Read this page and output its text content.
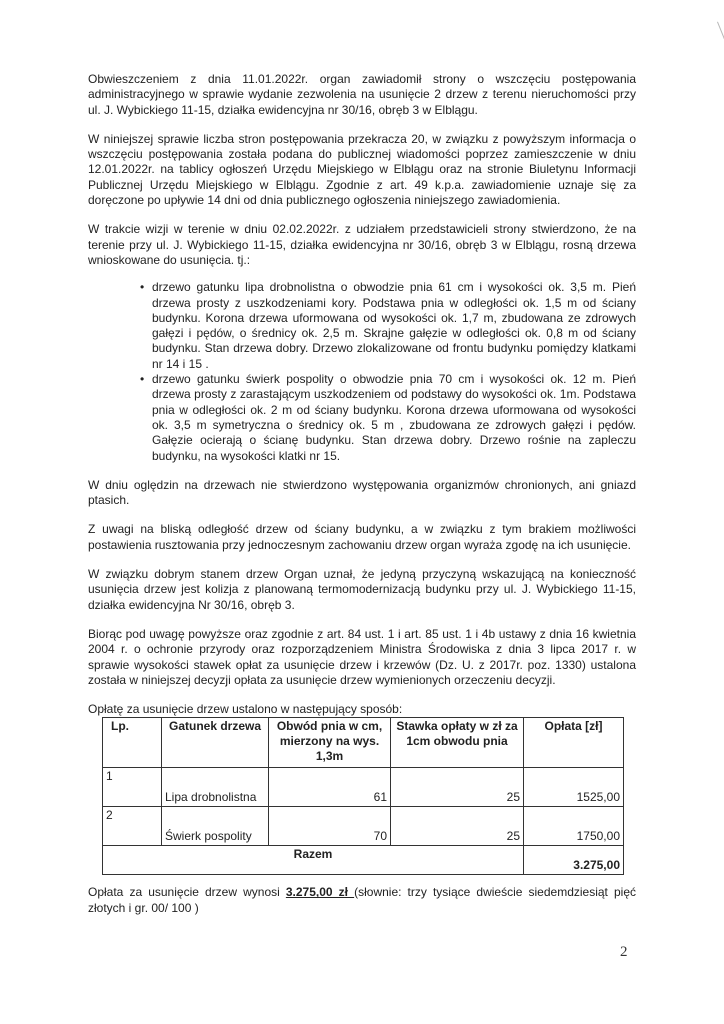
Obwieszczeniem z dnia 11.01.2022r. organ zawiadomił strony o wszczęciu postępowania administracyjnego w sprawie wydanie zezwolenia na usunięcie 2 drzew z terenu nieruchomości przy ul. J. Wybickiego 11-15, działka ewidencyjna nr 30/16, obręb 3 w Elblągu.

W niniejszej sprawie liczba stron postępowania przekracza 20, w związku z powyższym informacja o wszczęciu postępowania została podana do publicznej wiadomości poprzez zamieszczenie w dniu 12.01.2022r. na tablicy ogłoszeń Urzędu Miejskiego w Elblągu oraz na stronie Biuletynu Informacji Publicznej Urzędu Miejskiego w Elblągu. Zgodnie z art. 49 k.p.a. zawiadomienie uznaje się za doręczone po upływie 14 dni od dnia publicznego ogłoszenia niniejszego zawiadomienia.

W trakcie wizji w terenie w dniu 02.02.2022r. z udziałem przedstawicieli strony stwierdzono, że na terenie przy ul. J. Wybickiego 11-15, działka ewidencyjna nr 30/16, obręb 3 w Elblągu, rosną drzewa wnioskowane do usunięcia. tj.:

• drzewo gatunku lipa drobnolistna o obwodzie pnia 61 cm i wysokości ok. 3,5 m. Pień drzewa prosty z uszkodzeniami kory. Podstawa pnia w odległości ok. 1,5 m od ściany budynku. Korona drzewa uformowana od wysokości ok. 1,7 m, zbudowana ze zdrowych gałęzi i pędów, o średnicy ok. 2,5 m. Skrajne gałęzie w odległości ok. 0,8 m od ściany budynku. Stan drzewa dobry. Drzewo zlokalizowane od frontu budynku pomiędzy klatkami nr 14 i 15 .
• drzewo gatunku świerk pospolity o obwodzie pnia 70 cm i wysokości ok. 12 m. Pień drzewa prosty z zarastającym uszkodzeniem od podstawy do wysokości ok. 1m. Podstawa pnia w odległości ok. 2 m od ściany budynku. Korona drzewa uformowana od wysokości ok. 3,5 m symetryczna o średnicy ok. 5 m , zbudowana ze zdrowych gałęzi i pędów. Gałęzie ocierają o ścianę budynku. Stan drzewa dobry. Drzewo rośnie na zapleczu budynku, na wysokości klatki nr 15.

W dniu oględzin na drzewach nie stwierdzono występowania organizmów chronionych, ani gniazd ptasich.

Z uwagi na bliską odległość drzew od ściany budynku, a w związku z tym brakiem możliwości postawienia rusztowania przy jednoczesnym zachowaniu drzew organ wyraża zgodę na ich usunięcie.

W związku dobrym stanem drzew Organ uznał, że jedyną przyczyną wskazującą na konieczność usunięcia drzew jest kolizja z planowaną termomodernizacją budynku przy ul. J. Wybickiego 11-15, działka ewidencyjna Nr 30/16, obręb 3.

Biorąc pod uwagę powyższe oraz zgodnie z art. 84 ust. 1 i art. 85 ust. 1 i 4b ustawy z dnia 16 kwietnia 2004 r. o ochronie przyrody oraz rozporządzeniem Ministra Środowiska z dnia 3 lipca 2017 r. w sprawie wysokości stawek opłat za usunięcie drzew i krzewów (Dz. U. z 2017r. poz. 1330) ustalona została w niniejszej decyzji opłata za usunięcie drzew wymienionych orzeczeniu decyzji.

Opłatę za usunięcie drzew ustalono w następujący sposób:
Lp.	Gatunek drzewa	Obwód pnia w cm, mierzony na wys. 1,3m	Stawka opłaty w zł za 1cm obwodu pnia	Opłata [zł]
1	Lipa drobnolistna	61	25	1525,00
2	Świerk pospolity	70	25	1750,00
Razem				3.275,00

Opłata za usunięcie drzew wynosi 3.275,00 zł (słownie: trzy tysiące dwieście siedemdziesiąt pięć złotych i gr. 00/ 100 )

2
